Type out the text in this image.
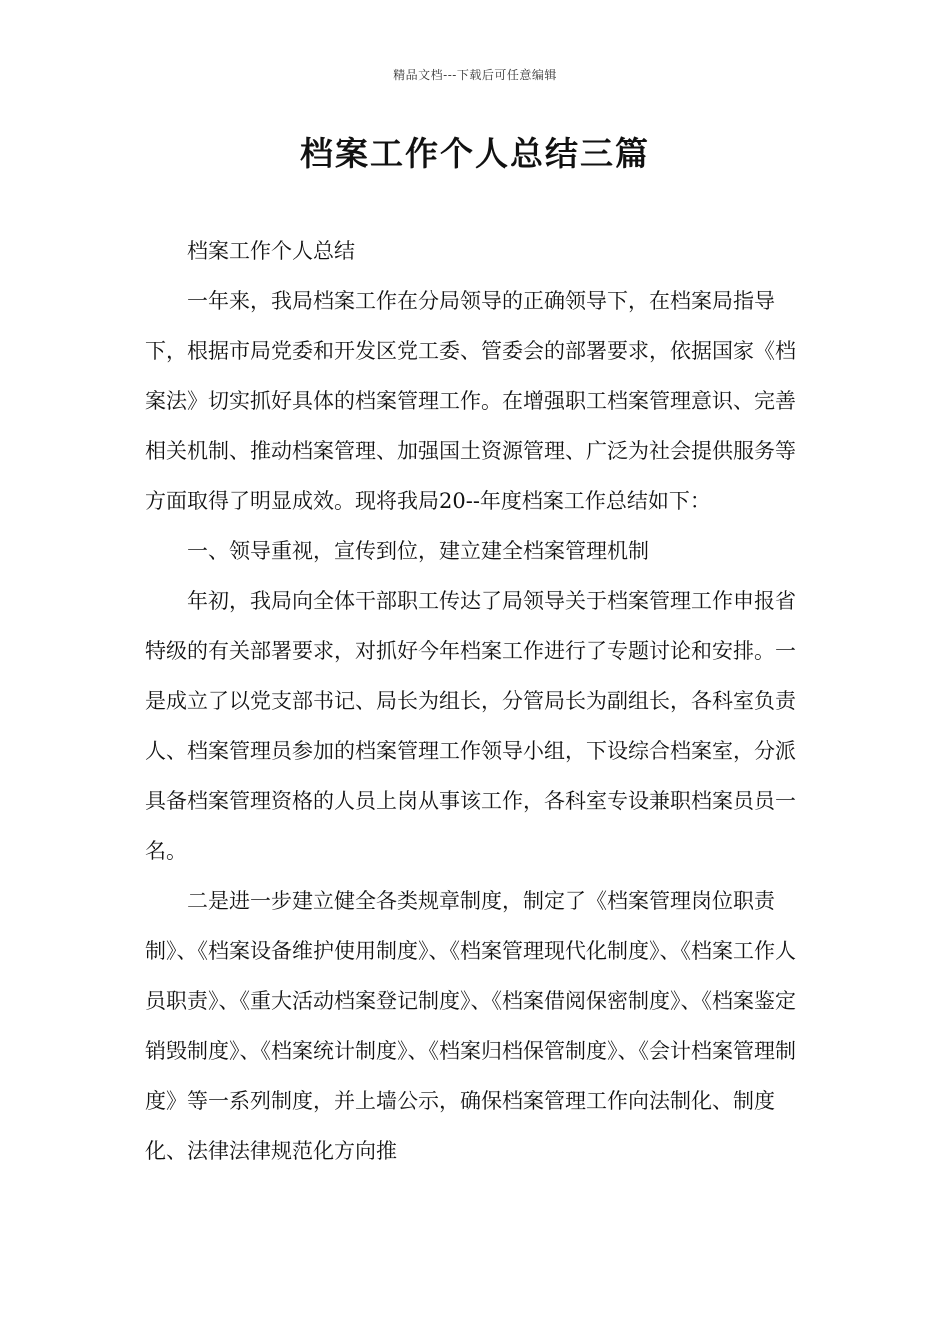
精品文档---下载后可任意编辑
档案工作个人总结三篇

档案工作个人总结

一年来，我局档案工作在分局领导的正确领导下，在档案局指导下，根据市局党委和开发区党工委、管委会的部署要求，依据国家《档案法》切实抓好具体的档案管理工作。在增强职工档案管理意识、完善相关机制、推动档案管理、加强国土资源管理、广泛为社会提供服务等方面取得了明显成效。现将我局20--年度档案工作总结如下：

一、领导重视，宣传到位，建立建全档案管理机制

年初，我局向全体干部职工传达了局领导关于档案管理工作申报省特级的有关部署要求，对抓好今年档案工作进行了专题讨论和安排。一是成立了以党支部书记、局长为组长，分管局长为副组长，各科室负责人、档案管理员参加的档案管理工作领导小组，下设综合档案室，分派具备档案管理资格的人员上岗从事该工作，各科室专设兼职档案员员一名。

二是进一步建立健全各类规章制度，制定了《档案管理岗位职责制》、《档案设备维护使用制度》、《档案管理现代化制度》、《档案工作人员职责》、《重大活动档案登记制度》、《档案借阅保密制度》、《档案鉴定销毁制度》、《档案统计制度》、《档案归档保管制度》、《会计档案管理制度》等一系列制度，并上墙公示，确保档案管理工作向法制化、制度化、法律法律规范化方向推
